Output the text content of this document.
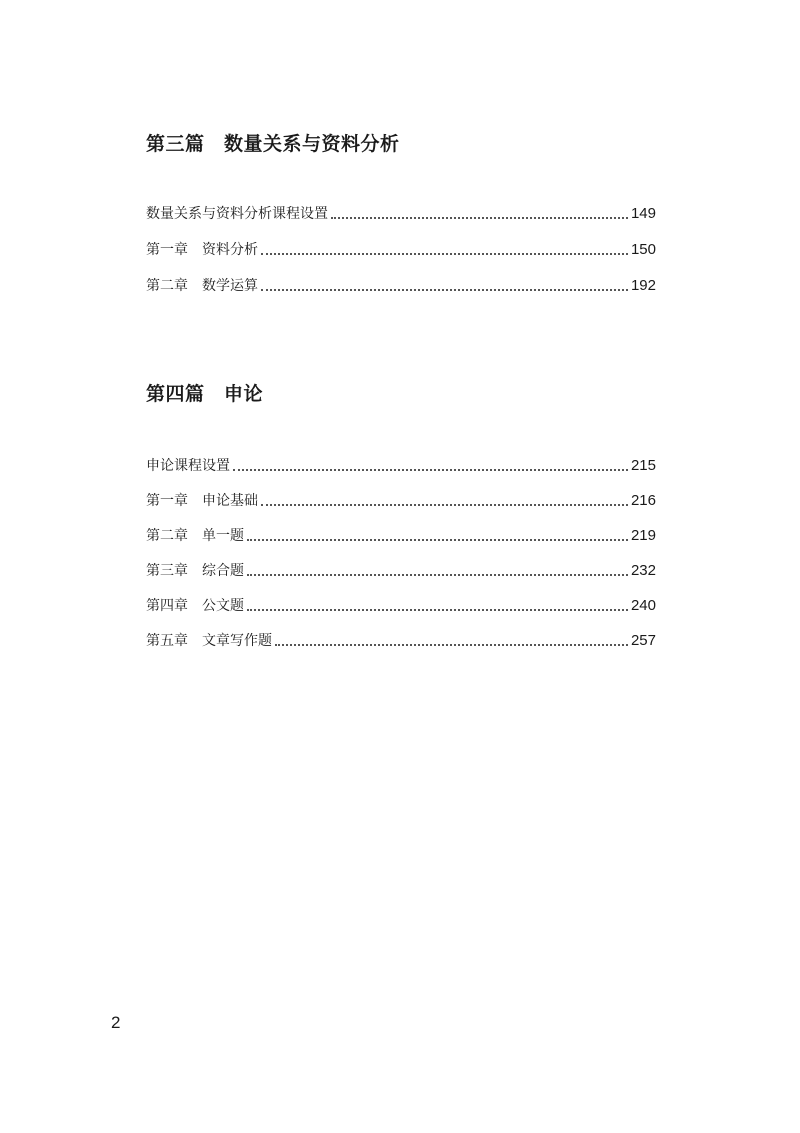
第三篇　数量关系与资料分析
数量关系与资料分析课程设置	149
第一章　资料分析	150
第二章　数学运算	192
第四篇　申论
申论课程设置	215
第一章　申论基础	216
第二章　单一题	219
第三章　综合题	232
第四章　公文题	240
第五章　文章写作题	257

2
